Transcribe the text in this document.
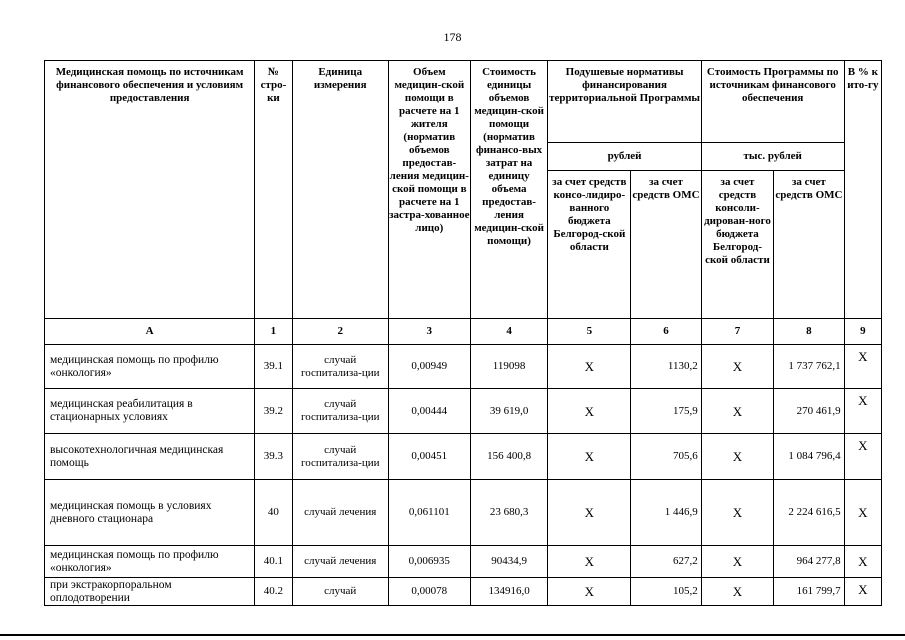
178
Медицинская помощь по источникам финансового обеспечения и условиям предоставления	№ стро-ки	Единица измерения	Объем медицин-ской помощи в расчете на 1 жителя (норматив объемов предостав-ления медицин-ской помощи в расчете на 1 застра-хованное лицо)	Стоимость единицы объемов медицин-ской помощи (норматив финансо-вых затрат на единицу объема предостав-ления медицин-ской помощи)	Подушевые нормативы финансирования территориальной Программы		Стоимость Программы по источникам финансового обеспечения		В % к ито-гу
					рублей		тыс. рублей		
					за счет средств консо-лидиро-ванного бюджета Белгород-ской области	за счет средств ОМС	за счет средств консоли-дирован-ного бюджета Белгород-ской области	за счет средств ОМС	
А	1	2	3	4	5	6	7	8	9
медицинская помощь по профилю «онкология»	39.1	случай госпитализа-ции	0,00949	119098	Х	1130,2	Х	1 737 762,1	Х
медицинская реабилитация в стационарных условиях	39.2	случай госпитализа-ции	0,00444	39 619,0	Х	175,9	Х	270 461,9	Х
высокотехнологичная медицинская помощь	39.3	случай госпитализа-ции	0,00451	156 400,8	Х	705,6	Х	1 084 796,4	Х
медицинская помощь в условиях дневного стационара	40	случай лечения	0,061101	23 680,3	Х	1 446,9	Х	2 224 616,5	Х
медицинская помощь по профилю «онкология»	40.1	случай лечения	0,006935	90434,9	Х	627,2	Х	964 277,8	Х
при экстракорпоральном оплодотворении	40.2	случай	0,00078	134916,0	Х	105,2	Х	161 799,7	Х
